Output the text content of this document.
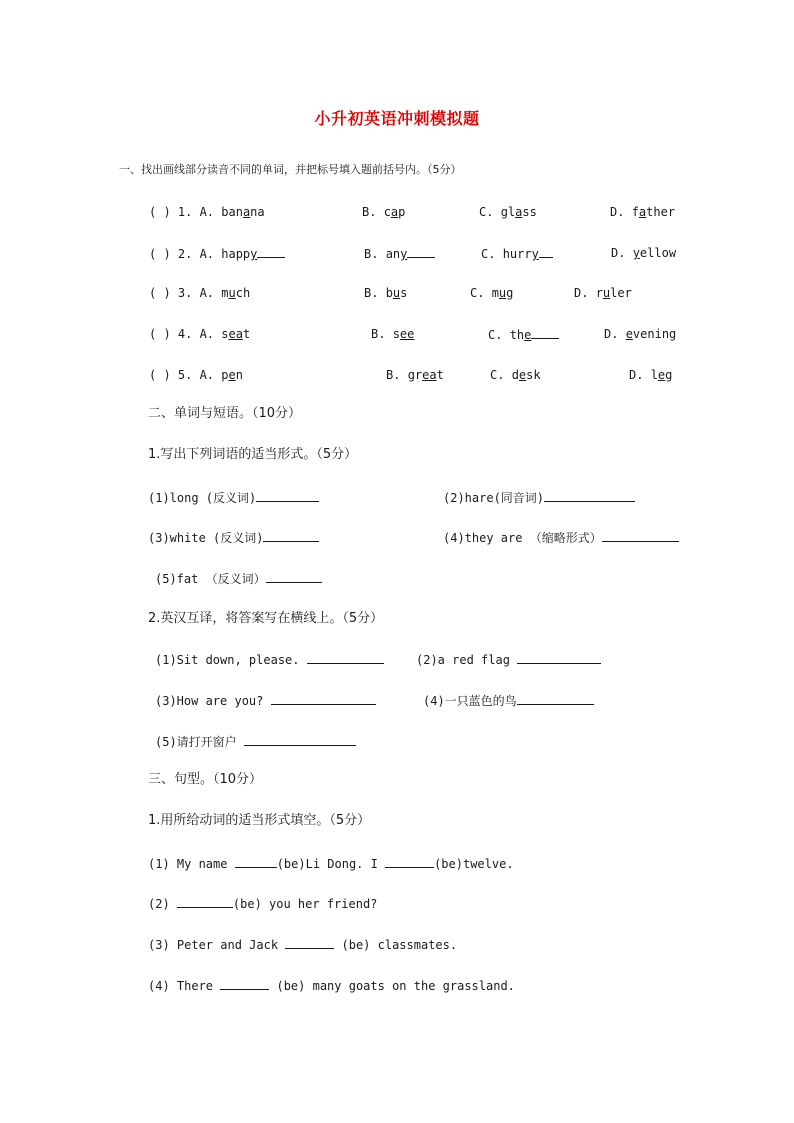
小升初英语冲刺模拟题
一、找出画线部分读音不同的单词，并把标号填入题前括号内。（5分）
( ) 1. A. banana	B. cap	C. glass	D. father
( ) 2. A. happy	B. any	C. hurry	D. yellow
( ) 3. A. much	B. bus	C. mug	D. ruler
( ) 4. A. seat	B. see	C. the	D. evening
( ) 5. A. pen	B. great	C. desk	D. leg
二、单词与短语。（10分）
1.写出下列词语的适当形式。（5分）
(1)long (反义词)	(2)hare(同音词)
(3)white (反义词)	(4)they are （缩略形式）
(5)fat （反义词）
2.英汉互译，将答案写在横线上。（5分）
(1)Sit down, please.	(2)a red flag
(3)How are you?	(4)一只蓝色的鸟
(5)请打开窗户
三、句型。（10分）
1.用所给动词的适当形式填空。（5分）
(1) My name	(be)Li Dong. I	(be)twelve.
(2)	(be) you her friend?
(3) Peter and Jack	(be) classmates.
(4) There	(be) many goats on the grassland.
